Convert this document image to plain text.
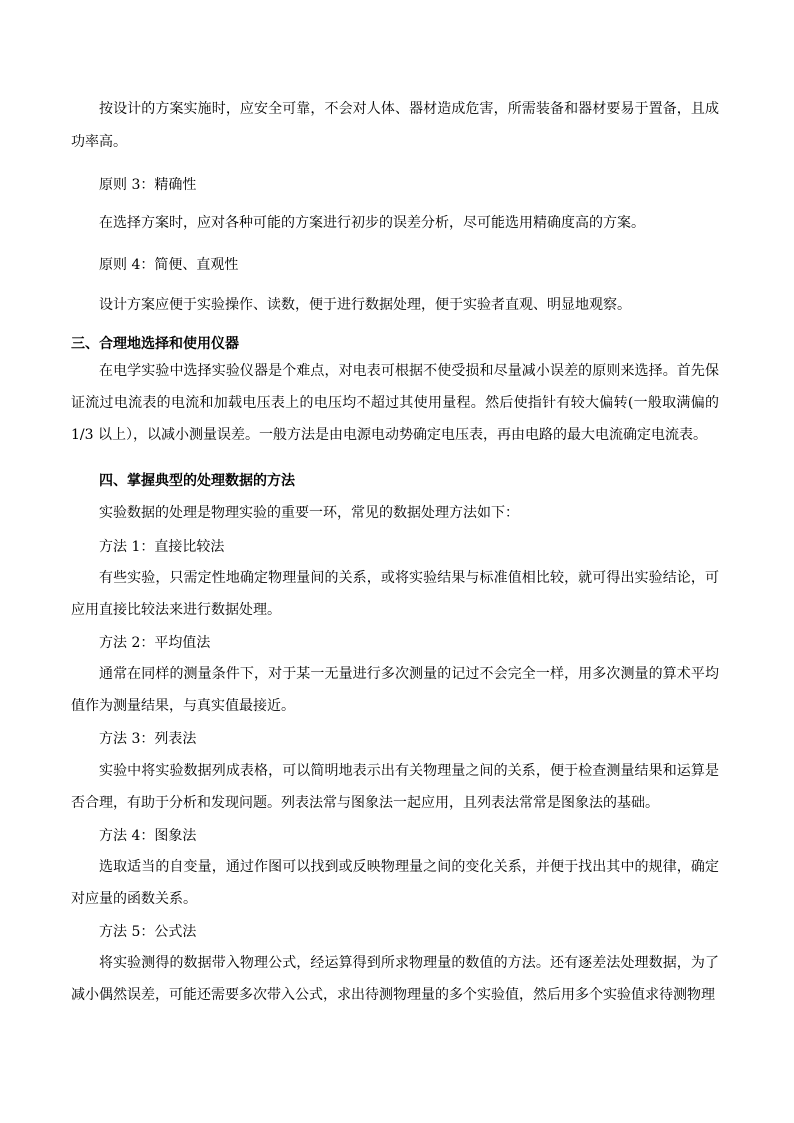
按设计的方案实施时，应安全可靠，不会对人体、器材造成危害，所需装备和器材要易于置备，且成功率高。

原则 3：精确性

在选择方案时，应对各种可能的方案进行初步的误差分析，尽可能选用精确度高的方案。

原则 4：简便、直观性

设计方案应便于实验操作、读数，便于进行数据处理，便于实验者直观、明显地观察。

三、合理地选择和使用仪器

在电学实验中选择实验仪器是个难点，对电表可根据不使受损和尽量减小误差的原则来选择。首先保证流过电流表的电流和加载电压表上的电压均不超过其使用量程。然后使指针有较大偏转(一般取满偏的 1/3 以上），以减小测量误差。一般方法是由电源电动势确定电压表，再由电路的最大电流确定电流表。

四、掌握典型的处理数据的方法

实验数据的处理是物理实验的重要一环，常见的数据处理方法如下：

方法 1：直接比较法

有些实验，只需定性地确定物理量间的关系，或将实验结果与标准值相比较，就可得出实验结论，可应用直接比较法来进行数据处理。

方法 2：平均值法

通常在同样的测量条件下，对于某一无量进行多次测量的记过不会完全一样，用多次测量的算术平均值作为测量结果，与真实值最接近。

方法 3：列表法

实验中将实验数据列成表格，可以简明地表示出有关物理量之间的关系，便于检查测量结果和运算是否合理，有助于分析和发现问题。列表法常与图象法一起应用，且列表法常常是图象法的基础。

方法 4：图象法

选取适当的自变量，通过作图可以找到或反映物理量之间的变化关系，并便于找出其中的规律，确定对应量的函数关系。

方法 5：公式法

将实验测得的数据带入物理公式，经运算得到所求物理量的数值的方法。还有逐差法处理数据，为了减小偶然误差，可能还需要多次带入公式，求出待测物理量的多个实验值，然后用多个实验值求待测物理
